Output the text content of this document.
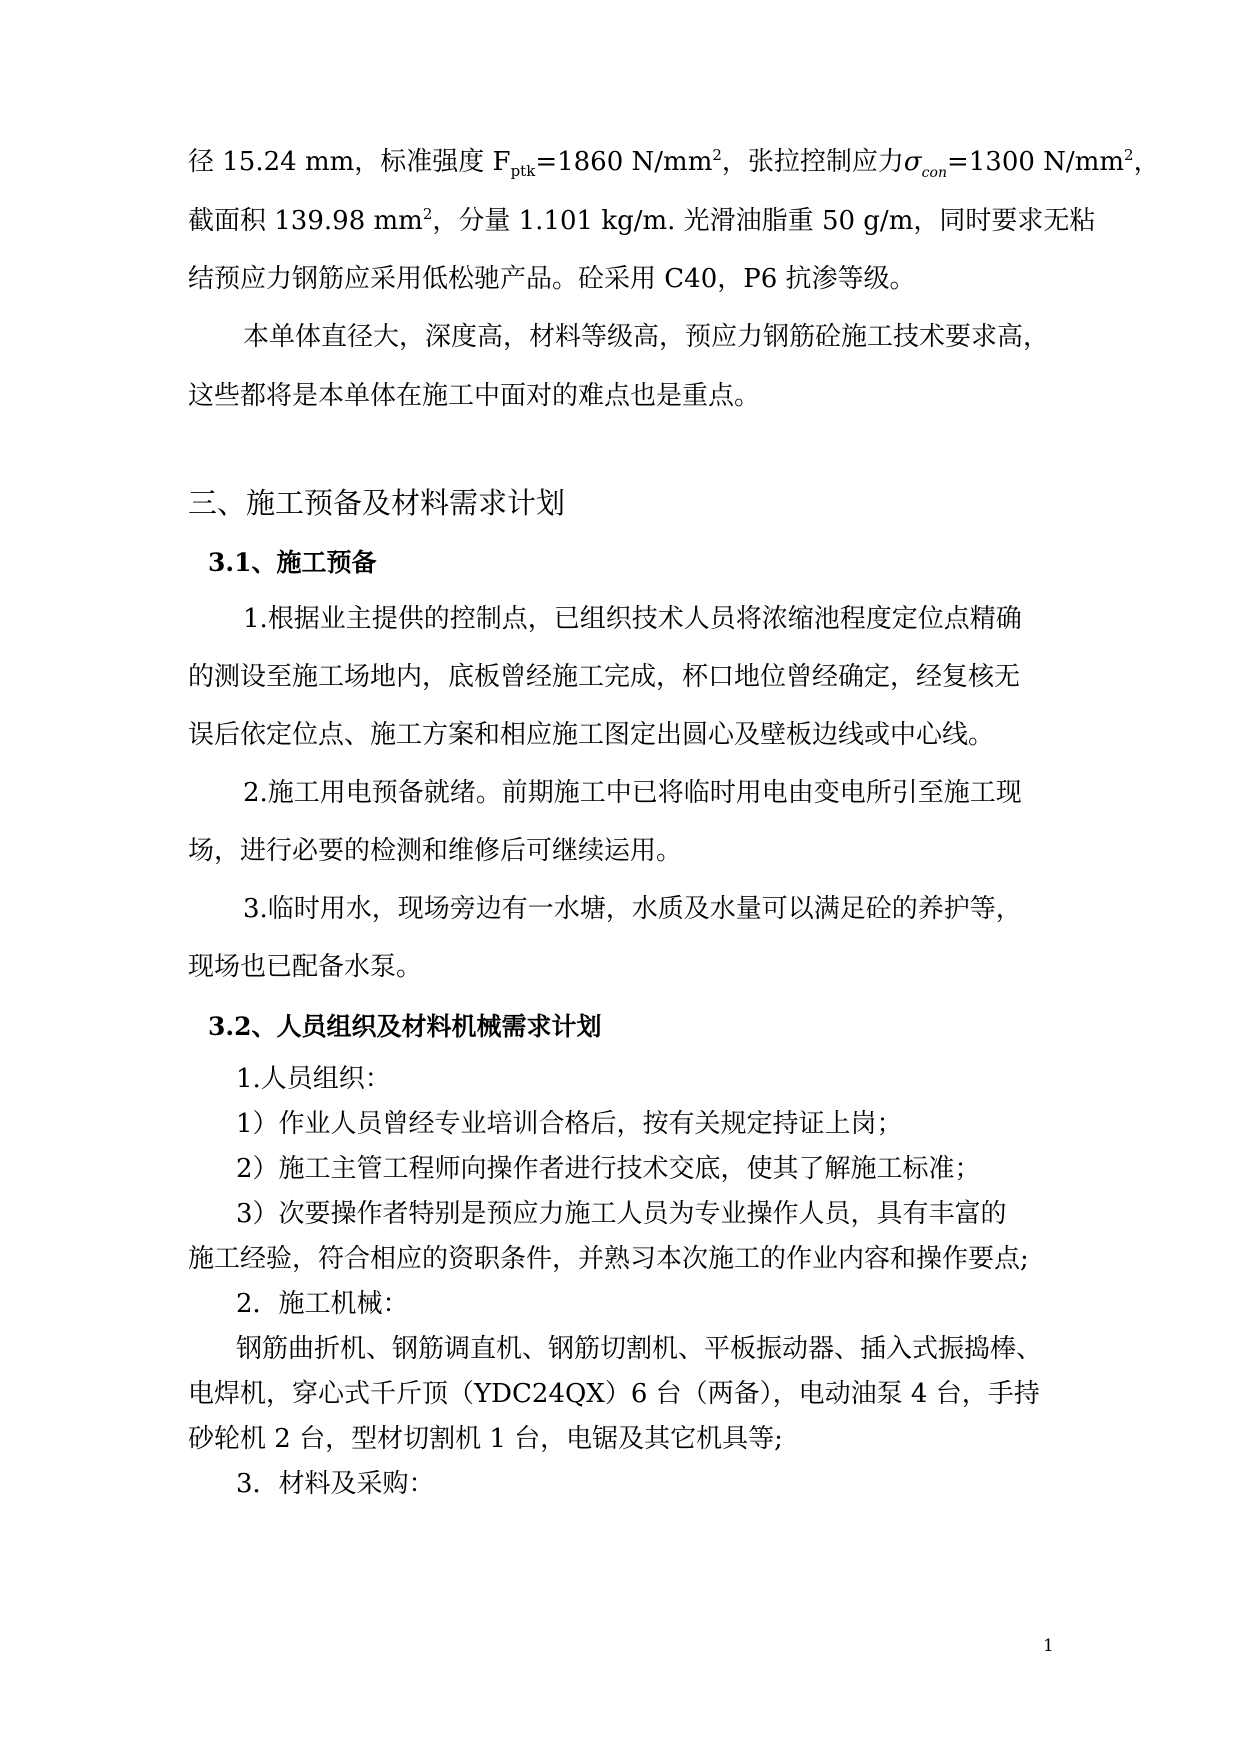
径 15.24 mm，标准强度 $F_{ptk}=1860$ $N/mm^2$，张拉控制应力$\sigma_{con}=1300$ $N/mm^2$，
截面积 139.98 $mm^2$，分量 1.101 kg/m. 光滑油脂重 50 g/m，同时要求无粘
结预应力钢筋应采用低松驰产品。砼采用 C40，P6 抗渗等级。
本单体直径大，深度高，材料等级高，预应力钢筋砼施工技术要求高，
这些都将是本单体在施工中面对的难点也是重点。
三、施工预备及材料需求计划
3.1、施工预备
1.根据业主提供的控制点，已组织技术人员将浓缩池程度定位点精确
的测设至施工场地内，底板曾经施工完成，杯口地位曾经确定，经复核无
误后依定位点、施工方案和相应施工图定出圆心及壁板边线或中心线。
2.施工用电预备就绪。前期施工中已将临时用电由变电所引至施工现
场，进行必要的检测和维修后可继续运用。
3.临时用水，现场旁边有一水塘，水质及水量可以满足砼的养护等，
现场也已配备水泵。
3.2、人员组织及材料机械需求计划
1.人员组织：
1）作业人员曾经专业培训合格后，按有关规定持证上岗；
2）施工主管工程师向操作者进行技术交底，使其了解施工标准；
3）次要操作者特别是预应力施工人员为专业操作人员，具有丰富的
施工经验，符合相应的资职条件，并熟习本次施工的作业内容和操作要点;
2．施工机械：
钢筋曲折机、钢筋调直机、钢筋切割机、平板振动器、插入式振捣棒、
电焊机，穿心式千斤顶（YDC24QX）6 台（两备），电动油泵 4 台，手持
砂轮机 2 台，型材切割机 1 台，电锯及其它机具等;
3．材料及采购：
1
